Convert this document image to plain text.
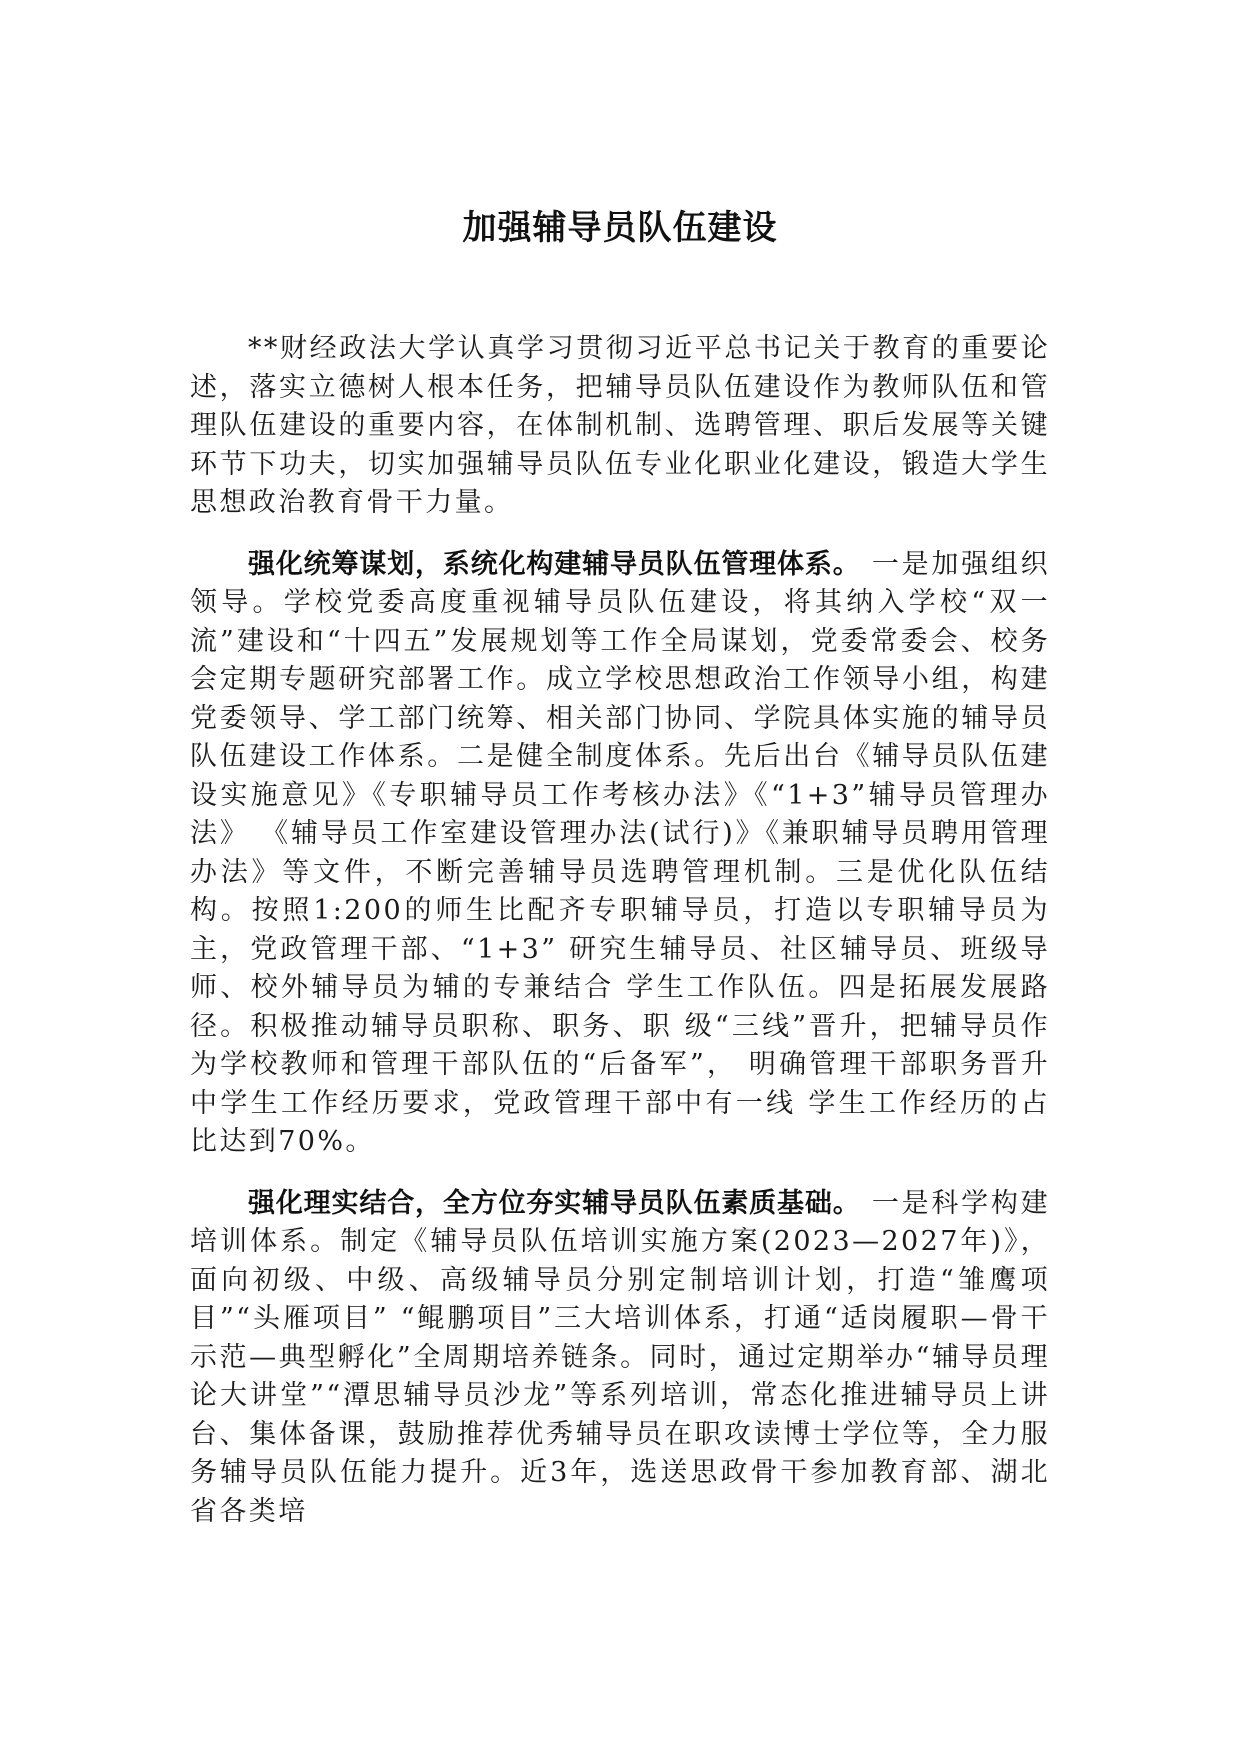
加强辅导员队伍建设

**财经政法大学认真学习贯彻习近平总书记关于教育的重要论述，落实立德树人根本任务，把辅导员队伍建设作为教师队伍和管理队伍建设的重要内容，在体制机制、选聘管理、职后发展等关键环节下功夫，切实加强辅导员队伍专业化职业化建设，锻造大学生思想政治教育骨干力量。

强化统筹谋划，系统化构建辅导员队伍管理体系。 一是加强组织领导。学校党委高度重视辅导员队伍建设，将其纳入学校“双一流”建设和“十四五”发展规划等工作全局谋划，党委常委会、校务会定期专题研究部署工作。成立学校思想政治工作领导小组，构建党委领导、学工部门统筹、相关部门协同、学院具体实施的辅导员队伍建设工作体系。二是健全制度体系。先后出台《辅导员队伍建设实施意见》《专职辅导员工作考核办法》《“1+3”辅导员管理办法》 《辅导员工作室建设管理办法(试行)》《兼职辅导员聘用管理办法》等文件，不断完善辅导员选聘管理机制。三是优化队伍结构。按照1:200的师生比配齐专职辅导员，打造以专职辅导员为主，党政管理干部、“1+3” 研究生辅导员、社区辅导员、班级导师、校外辅导员为辅的专兼结合 学生工作队伍。四是拓展发展路径。积极推动辅导员职称、职务、职 级“三线”晋升，把辅导员作为学校教师和管理干部队伍的“后备军”， 明确管理干部职务晋升中学生工作经历要求，党政管理干部中有一线 学生工作经历的占比达到70%。

强化理实结合，全方位夯实辅导员队伍素质基础。 一是科学构建培训体系。制定《辅导员队伍培训实施方案(2023—2027年)》，面向初级、中级、高级辅导员分别定制培训计划，打造“雏鹰项目”“头雁项目” “鲲鹏项目”三大培训体系，打通“适岗履职—骨干示范—典型孵化”全周期培养链条。同时，通过定期举办“辅导员理论大讲堂”“潭思辅导员沙龙”等系列培训，常态化推进辅导员上讲台、集体备课，鼓励推荐优秀辅导员在职攻读博士学位等，全力服务辅导员队伍能力提升。近3年，选送思政骨干参加教育部、湖北省各类培
